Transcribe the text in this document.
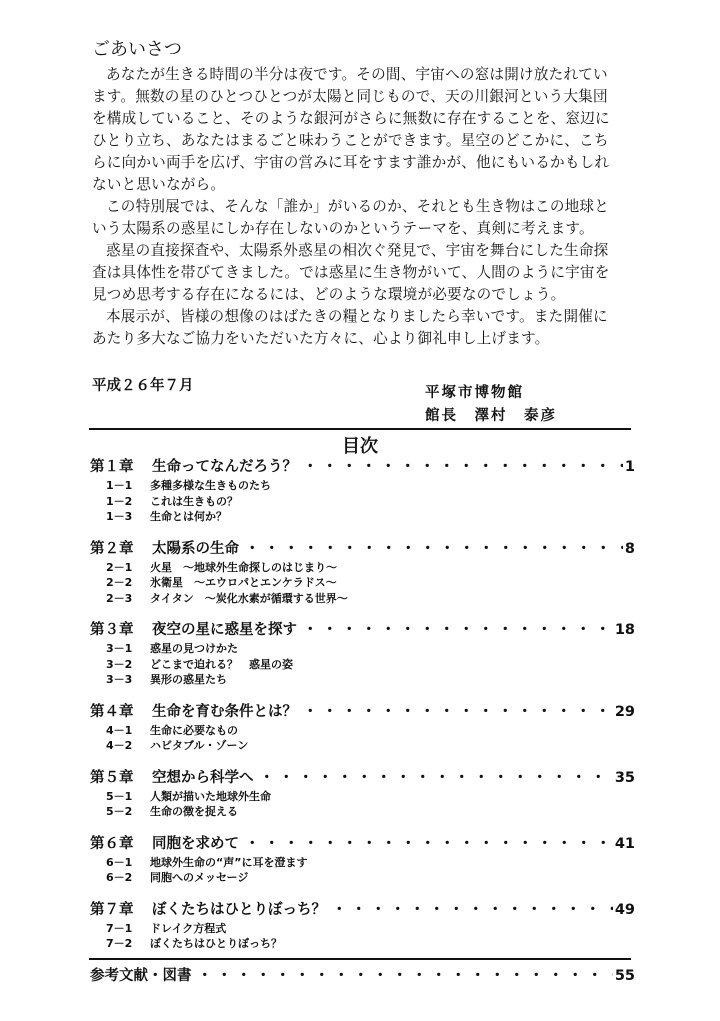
ごあいさつ
あなたが生きる時間の半分は夜です。その間、宇宙への窓は開け放たれてい
ます。無数の星のひとつひとつが太陽と同じもので、天の川銀河という大集団
を構成していること、そのような銀河がさらに無数に存在することを、窓辺に
ひとり立ち、あなたはまるごと味わうことができます。星空のどこかに、こち
らに向かい両手を広げ、宇宙の営みに耳をすます誰かが、他にもいるかもしれ
ないと思いながら。
この特別展では、そんな「誰か」がいるのか、それとも生き物はこの地球と
いう太陽系の惑星にしか存在しないのかというテーマを、真剣に考えます。
惑星の直接探査や、太陽系外惑星の相次ぐ発見で、宇宙を舞台にした生命探
査は具体性を帯びてきました。では惑星に生き物がいて、人間のように宇宙を
見つめ思考する存在になるには、どのような環境が必要なのでしょう。
本展示が、皆様の想像のはばたきの糧となりましたら幸いです。また開催に
あたり多大なご協力をいただいた方々に、心より御礼申し上げます。
平成２６年７月	平塚市博物館
館長　澤村　泰彦
目次
第１章	生命ってなんだろう？ ・・・・・・・・・・・・・・・・・・・・・・・・・・・・・・・・・・・・・・・・	1
1－1	多種多様な生きものたち
1－2	これは生きもの？
1－3	生命とは何か？
第２章	太陽系の生命 ・・・・・・・・・・・・・・・・・・・・・・・・・・・・・・・・・・・・・・・・	8
2－1	火星　～地球外生命探しのはじまり～
2－2	氷衛星　～エウロパとエンケラドス～
2－3	タイタン　～炭化水素が循環する世界～
第３章	夜空の星に惑星を探す ・・・・・・・・・・・・・・・・・・・・・・・・・・・・・・・・・・・・・・・・	18
3－1	惑星の見つけかた
3－2	どこまで迫れる？　惑星の姿
3－3	異形の惑星たち
第４章	生命を育む条件とは？ ・・・・・・・・・・・・・・・・・・・・・・・・・・・・・・・・・・・・・・・・	29
4－1	生命に必要なもの
4－2	ハビタブル・ゾーン
第５章	空想から科学へ ・・・・・・・・・・・・・・・・・・・・・・・・・・・・・・・・・・・・・・・・	35
5－1	人類が描いた地球外生命
5－2	生命の徴を捉える
第６章	同胞を求めて ・・・・・・・・・・・・・・・・・・・・・・・・・・・・・・・・・・・・・・・・	41
6－1	地球外生命の“声”に耳を澄ます
6－2	同胞へのメッセージ
第７章	ぼくたちはひとりぼっち？ ・・・・・・・・・・・・・・・・・・・・・・・・・・・・・・・・・・・・・・・・	49
7－1	ドレイク方程式
7－2	ぼくたちはひとりぼっち？
参考文献・図書 ・・・・・・・・・・・・・・・・・・・・・・・・・・・・・・・・・・・・・・・・	55
